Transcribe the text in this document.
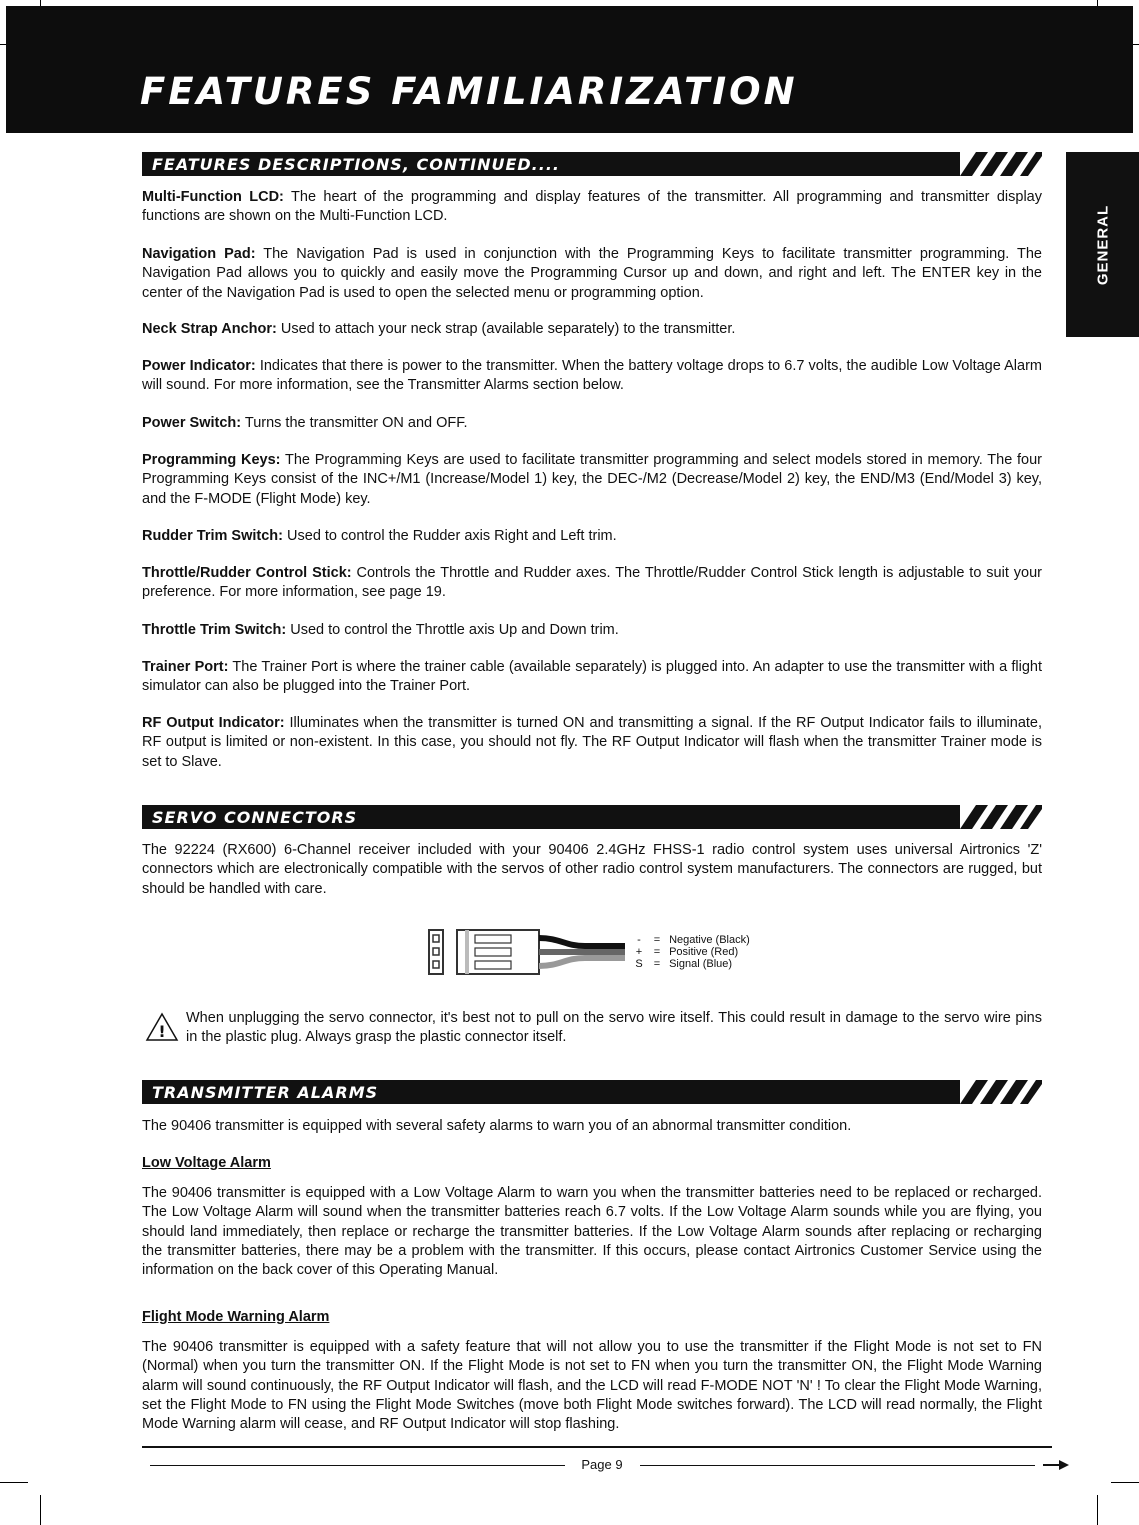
FEATURES FAMILIARIZATION
GENERAL
FEATURES DESCRIPTIONS, CONTINUED....

Multi-Function LCD: The heart of the programming and display features of the transmitter. All programming and transmitter display functions are shown on the Multi-Function LCD.

Navigation Pad: The Navigation Pad is used in conjunction with the Programming Keys to facilitate transmitter programming. The Navigation Pad allows you to quickly and easily move the Programming Cursor up and down, and right and left. The ENTER key in the center of the Navigation Pad is used to open the selected menu or programming option.

Neck Strap Anchor: Used to attach your neck strap (available separately) to the transmitter.

Power Indicator: Indicates that there is power to the transmitter. When the battery voltage drops to 6.7 volts, the audible Low Voltage Alarm will sound. For more information, see the Transmitter Alarms section below.

Power Switch: Turns the transmitter ON and OFF.

Programming Keys: The Programming Keys are used to facilitate transmitter programming and select models stored in memory. The four Programming Keys consist of the INC+/M1 (Increase/Model 1) key, the DEC-/M2 (Decrease/Model 2) key, the END/M3 (End/Model 3) key, and the F-MODE (Flight Mode) key.

Rudder Trim Switch: Used to control the Rudder axis Right and Left trim.

Throttle/Rudder Control Stick: Controls the Throttle and Rudder axes. The Throttle/Rudder Control Stick length is adjustable to suit your preference. For more information, see page 19.

Throttle Trim Switch: Used to control the Throttle axis Up and Down trim.

Trainer Port: The Trainer Port is where the trainer cable (available separately) is plugged into. An adapter to use the transmitter with a flight simulator can also be plugged into the Trainer Port.

RF Output Indicator: Illuminates when the transmitter is turned ON and transmitting a signal. If the RF Output Indicator fails to illuminate, RF output is limited or non-existent. In this case, you should not fly. The RF Output Indicator will flash when the transmitter Trainer mode is set to Slave.

SERVO CONNECTORS

The 92224 (RX600) 6-Channel receiver included with your 90406 2.4GHz FHSS-1 radio control system uses universal Airtronics 'Z' connectors which are electronically compatible with the servos of other radio control system manufacturers. The connectors are rugged, but should be handled with care.

- = Negative (Black)
+ = Positive (Red)
S = Signal (Blue)
!

When unplugging the servo connector, it's best not to pull on the servo wire itself. This could result in damage to the servo wire pins in the plastic plug. Always grasp the plastic connector itself.

TRANSMITTER ALARMS

The 90406 transmitter is equipped with several safety alarms to warn you of an abnormal transmitter condition.

Low Voltage Alarm

The 90406 transmitter is equipped with a Low Voltage Alarm to warn you when the transmitter batteries need to be replaced or recharged. The Low Voltage Alarm will sound when the transmitter batteries reach 6.7 volts. If the Low Voltage Alarm sounds while you are flying, you should land immediately, then replace or recharge the transmitter batteries. If the Low Voltage Alarm sounds after replacing or recharging the transmitter batteries, there may be a problem with the transmitter. If this occurs, please contact Airtronics Customer Service using the information on the back cover of this Operating Manual.

Flight Mode Warning Alarm

The 90406 transmitter is equipped with a safety feature that will not allow you to use the transmitter if the Flight Mode is not set to FN (Normal) when you turn the transmitter ON. If the Flight Mode is not set to FN when you turn the transmitter ON, the Flight Mode Warning alarm will sound continuously, the RF Output Indicator will flash, and the LCD will read F-MODE NOT 'N' ! To clear the Flight Mode Warning, set the Flight Mode to FN using the Flight Mode Switches (move both Flight Mode switches forward). The LCD will read normally, the Flight Mode Warning alarm will cease, and RF Output Indicator will stop flashing.

Page 9
